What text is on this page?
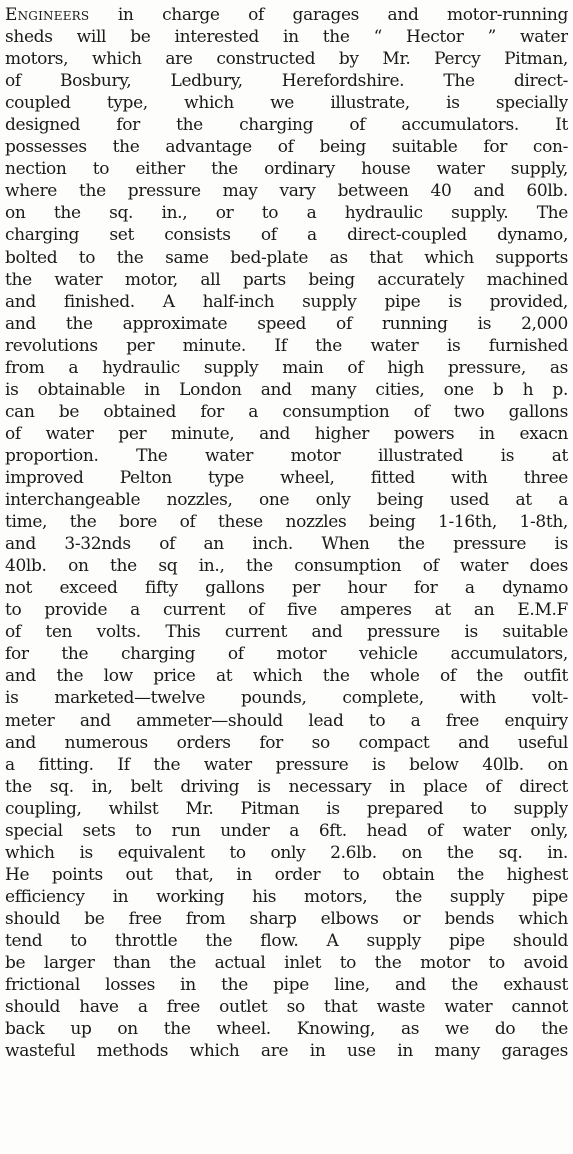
Engineers in charge of garages and motor-running
sheds will be interested in the “ Hector ” water
motors, which are constructed by Mr. Percy Pitman,
of Bosbury, Ledbury, Herefordshire. The direct-
coupled type, which we illustrate, is specially
designed for the charging of accumulators. It
possesses the advantage of being suitable for con-
nection to either the ordinary house water supply,
where the pressure may vary between 40 and 60lb.
on the sq. in., or to a hydraulic supply. The
charging set consists of a direct-coupled dynamo,
bolted to the same bed-plate as that which supports
the water motor, all parts being accurately machined
and finished. A half-inch supply pipe is provided,
and the approximate speed of running is 2,000
revolutions per minute. If the water is furnished
from a hydraulic supply main of high pressure, as
is obtainable in London and many cities, one b h p.
can be obtained for a consumption of two gallons
of water per minute, and higher powers in exacn
proportion. The water motor illustrated is at
improved Pelton type wheel, fitted with three
interchangeable nozzles, one only being used at a
time, the bore of these nozzles being 1-16th, 1-8th,
and 3-32nds of an inch. When the pressure is
40lb. on the sq in., the consumption of water does
not exceed fifty gallons per hour for a dynamo
to provide a current of five amperes at an E.M.F
of ten volts. This current and pressure is suitable
for the charging of motor vehicle accumulators,
and the low price at which the whole of the outfit
is marketed—twelve pounds, complete, with volt-
meter and ammeter—should lead to a free enquiry
and numerous orders for so compact and useful
a fitting. If the water pressure is below 40lb. on
the sq. in, belt driving is necessary in place of direct
coupling, whilst Mr. Pitman is prepared to supply
special sets to run under a 6ft. head of water only,
which is equivalent to only 2.6lb. on the sq. in.
He points out that, in order to obtain the highest
efficiency in working his motors, the supply pipe
should be free from sharp elbows or bends which
tend to throttle the flow. A supply pipe should
be larger than the actual inlet to the motor to avoid
frictional losses in the pipe line, and the exhaust
should have a free outlet so that waste water cannot
back up on the wheel. Knowing, as we do the
wasteful methods which are in use in many garages
